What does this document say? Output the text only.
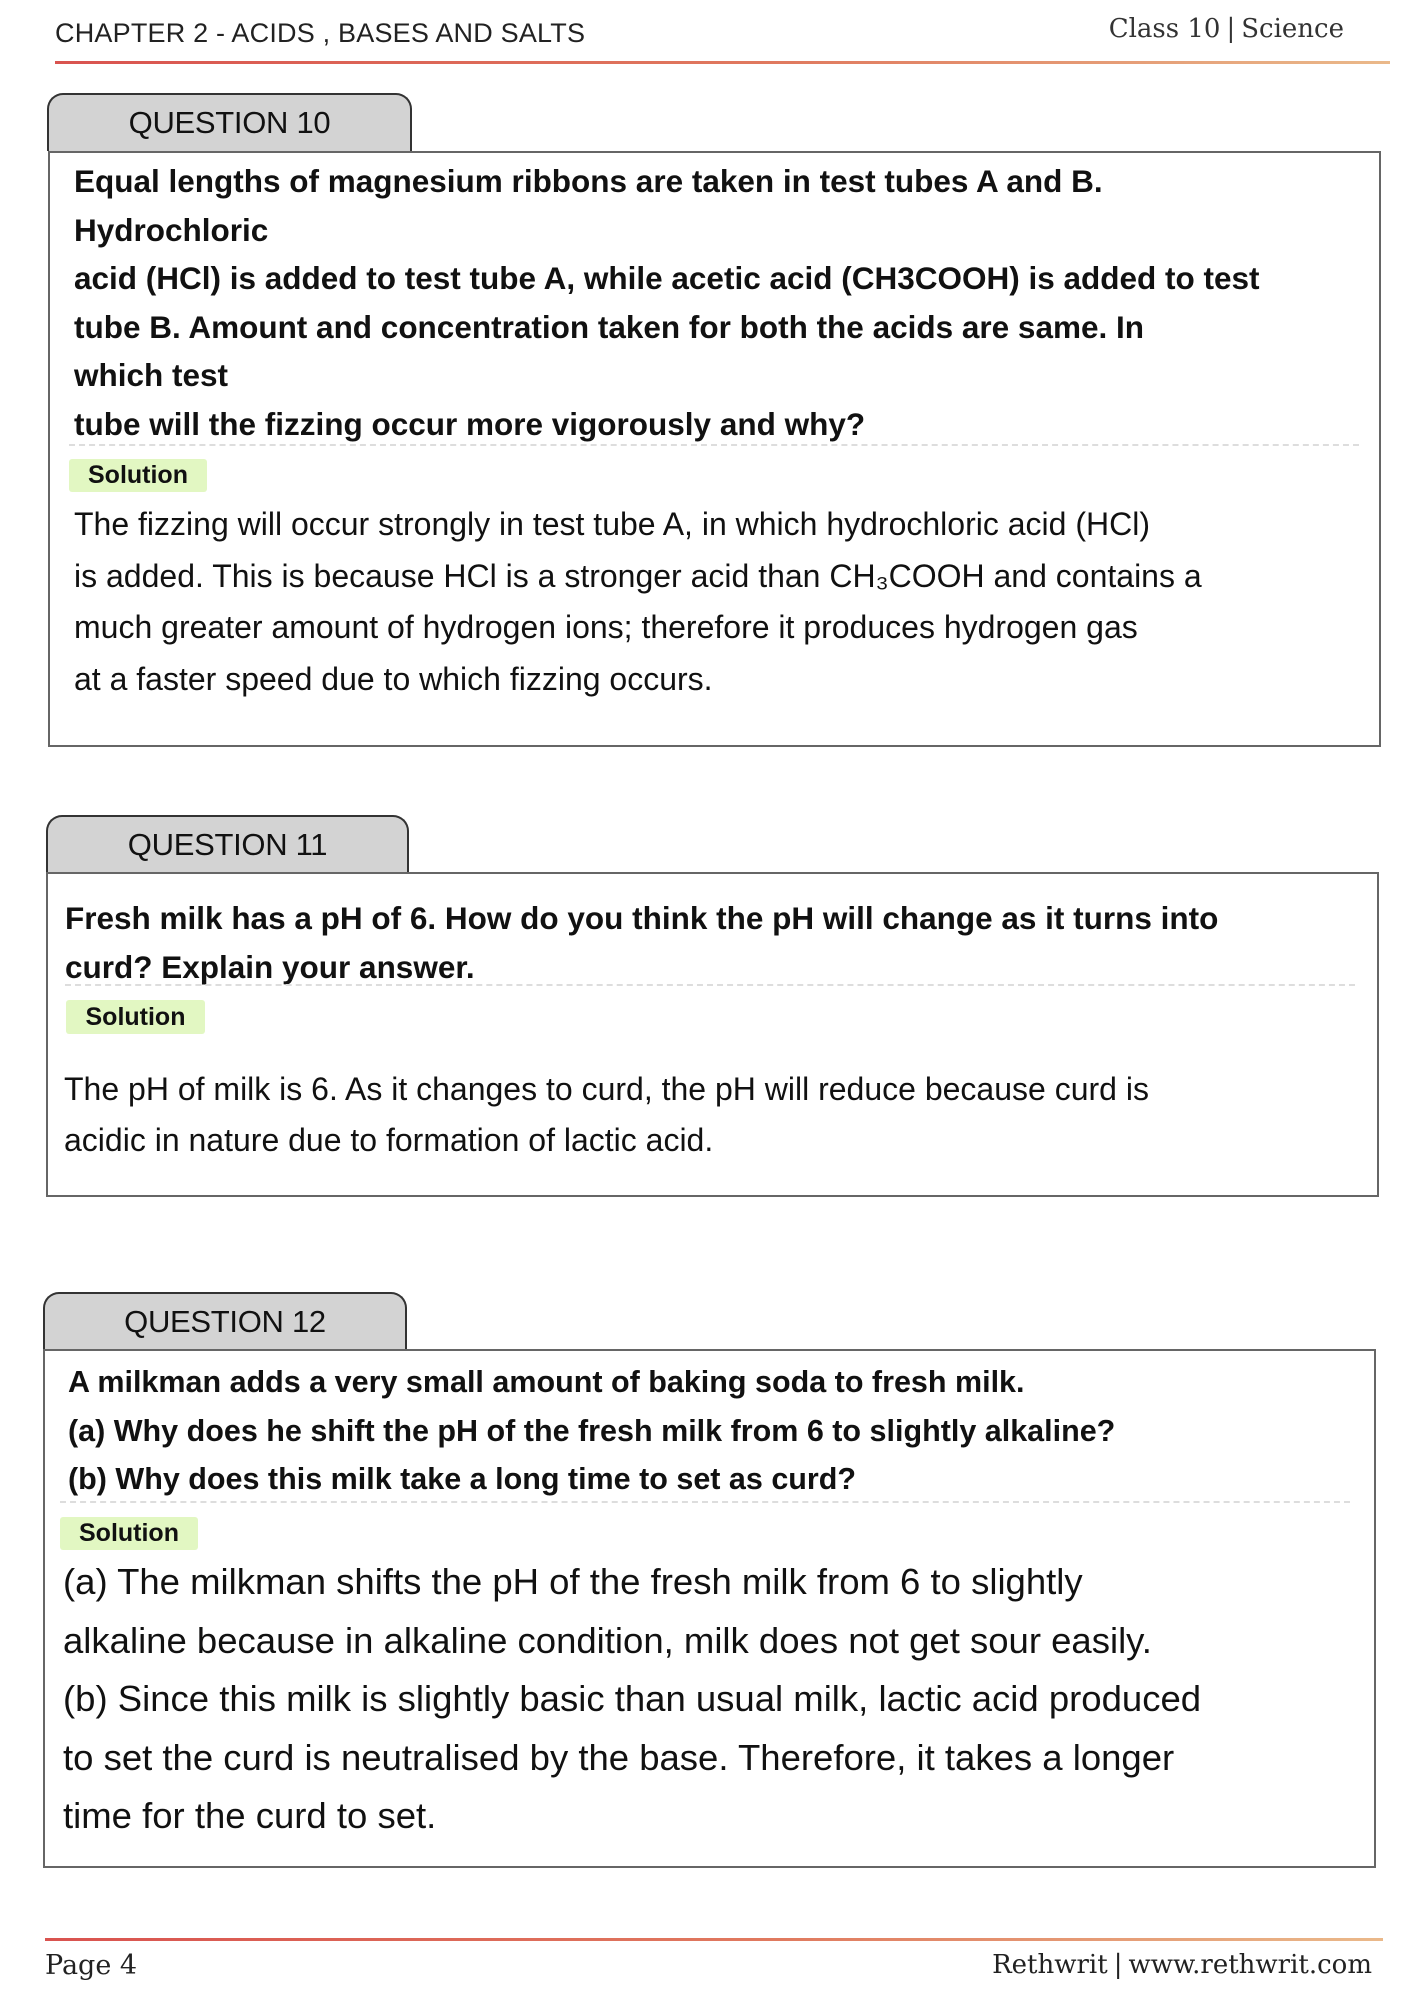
CHAPTER 2 - ACIDS , BASES AND SALTS	Class 10 | Science
QUESTION 10
Equal lengths of magnesium ribbons are taken in test tubes A and B.
Hydrochloric
acid (HCl) is added to test tube A, while acetic acid (CH3COOH) is added to test
tube B. Amount and concentration taken for both the acids are same. In
which test
tube will the fizzing occur more vigorously and why?
Solution
The fizzing will occur strongly in test tube A, in which hydrochloric acid (HCl)
is added. This is because HCl is a stronger acid than CH₃COOH and contains a
much greater amount of hydrogen ions; therefore it produces hydrogen gas
at a faster speed due to which fizzing occurs.
QUESTION 11
Fresh milk has a pH of 6. How do you think the pH will change as it turns into
curd? Explain your answer.
Solution
The pH of milk is 6. As it changes to curd, the pH will reduce because curd is
acidic in nature due to formation of lactic acid.
QUESTION 12
A milkman adds a very small amount of baking soda to fresh milk.
(a) Why does he shift the pH of the fresh milk from 6 to slightly alkaline?
(b) Why does this milk take a long time to set as curd?
Solution
(a) The milkman shifts the pH of the fresh milk from 6 to slightly
alkaline because in alkaline condition, milk does not get sour easily.
(b) Since this milk is slightly basic than usual milk, lactic acid produced
to set the curd is neutralised by the base. Therefore, it takes a longer
time for the curd to set.
Page 4	Rethwrit | www.rethwrit.com
